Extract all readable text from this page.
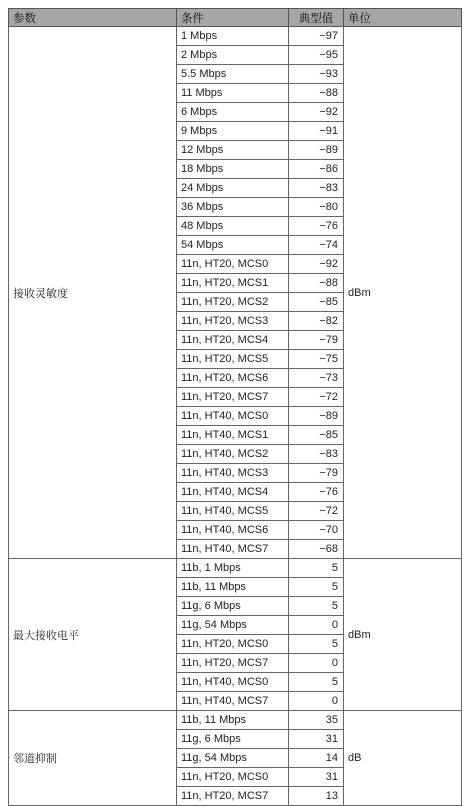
参数	条件	典型值	单位
接收灵敏度	1 Mbps	−97	dBm
	2 Mbps	−95	
	5.5 Mbps	−93	
	11 Mbps	−88	
	6 Mbps	−92	
	9 Mbps	−91	
	12 Mbps	−89	
	18 Mbps	−86	
	24 Mbps	−83	
	36 Mbps	−80	
	48 Mbps	−76	
	54 Mbps	−74	
	11n, HT20, MCS0	−92	
	11n, HT20, MCS1	−88	
	11n, HT20, MCS2	−85	
	11n, HT20, MCS3	−82	
	11n, HT20, MCS4	−79	
	11n, HT20, MCS5	−75	
	11n, HT20, MCS6	−73	
	11n, HT20, MCS7	−72	
	11n, HT40, MCS0	−89	
	11n, HT40, MCS1	−85	
	11n, HT40, MCS2	−83	
	11n, HT40, MCS3	−79	
	11n, HT40, MCS4	−76	
	11n, HT40, MCS5	−72	
	11n, HT40, MCS6	−70	
	11n, HT40, MCS7	−68	
最大接收电平	11b, 1 Mbps	5	dBm
	11b, 11 Mbps	5	
	11g, 6 Mbps	5	
	11g, 54 Mbps	0	
	11n, HT20, MCS0	5	
	11n, HT20, MCS7	0	
	11n, HT40, MCS0	5	
	11n, HT40, MCS7	0	
邻道抑制	11b, 11 Mbps	35	dB
	11g, 6 Mbps	31	
	11g, 54 Mbps	14	
	11n, HT20, MCS0	31	
	11n, HT20, MCS7	13	
